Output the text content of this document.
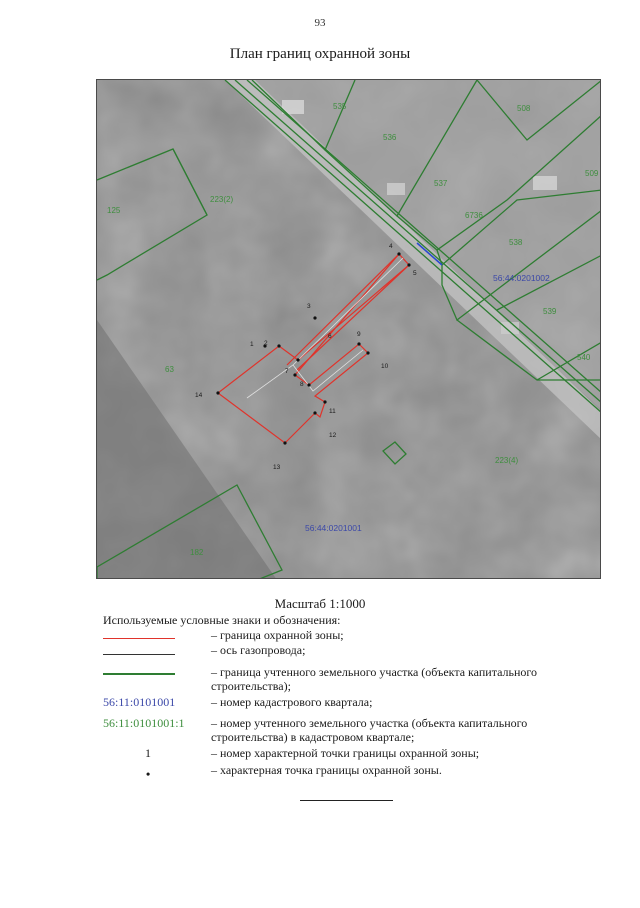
93
План границ охранной зоны
535
536
508
537
509
6736
538
539
540
125
223(2)
63
223(4)
182
56:44:0201002
56:44:0201001
1 2
3
4
5
6
7
8
9
10
11
12
13
14
Масштаб 1:1000
Используемые условные знаки и обозначения:
– граница охранной зоны;
– ось газопровода;
– граница учтенного земельного участка (объекта капитального строительства);
56:11:0101001	– номер кадастрового квартала;
56:11:0101001:1	– номер учтенного земельного участка (объекта капитального строительства) в кадастровом квартале;
1	– номер характерной точки границы охранной зоны;
•	– характерная точка границы охранной зоны.
